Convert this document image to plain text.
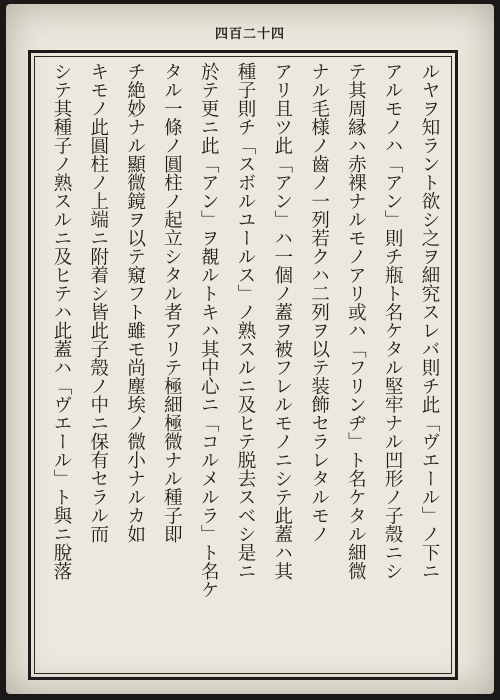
四百二十四
ルヤヲ知ラント欲シ之ヲ細究スレバ則チ此「ヴエール」ノ下ニ
アルモノハ「アン」則チ瓶ト名ケタル堅牢ナル凹形ノ子殼ニシ
テ其周縁ハ赤裸ナルモノアリ或ハ「フリンヂ」ト名ケタル細微
ナル毛様ノ齒ノ一列若クハ二列ヲ以テ装飾セラレタルモノ
アリ且ツ此「アン」ハ一個ノ蓋ヲ被フレルモノニシテ此蓋ハ其
種子則チ「スボルユールス」ノ熟スルニ及ヒテ脱去スベシ是ニ
於テ更ニ此「アン」ヲ覩ルトキハ其中心ニ「コルメルラ」ト名ケ
タル一條ノ圓柱ノ起立シタル者アリテ極細極微ナル種子即
チ絶妙ナル顯微鏡ヲ以テ窺フト雖モ尚塵埃ノ微小ナルカ如
キモノ此圓柱ノ上端ニ附着シ皆此子殼ノ中ニ保有セラル而
シテ其種子ノ熟スルニ及ヒテハ此蓋ハ「ヴエール」ト與ニ脫落
